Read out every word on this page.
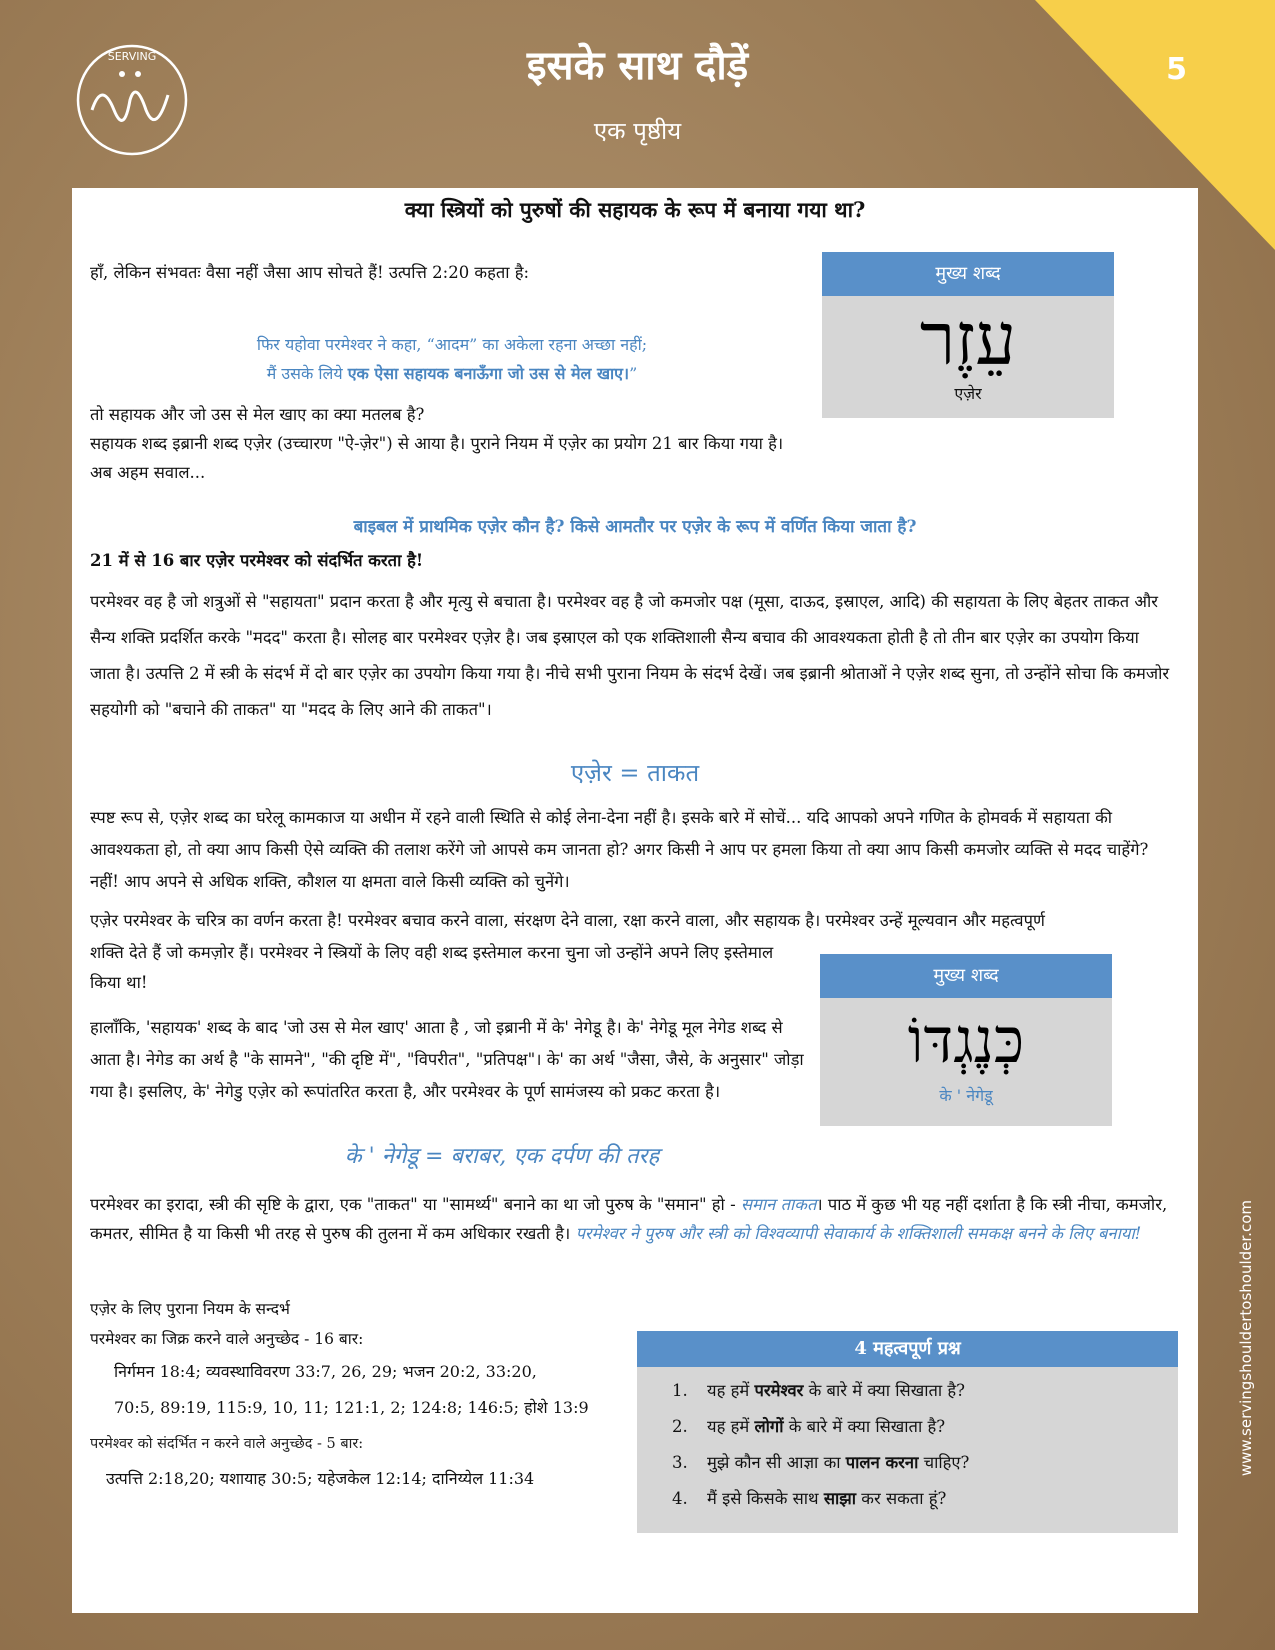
5
SERVING	इसके साथ दौड़ें
एक पृष्ठीय
क्या स्त्रियों को पुरुषों की सहायक के रूप में बनाया गया था?

हाँ, लेकिन संभवतः वैसा नहीं जैसा आप सोचते हैं! उत्पत्ति 2:20 कहता है:

फिर यहोवा परमेश्वर ने कहा, “आदम” का अकेला रहना अच्छा नहीं;
मैं उसके लिये एक ऐसा सहायक बनाऊँगा जो उस से मेल खाए।”
मुख्य शब्द
עֵזֶר
एज़ेर

तो सहायक और जो उस से मेल खाए का क्या मतलब है?

सहायक शब्द इब्रानी शब्द एज़ेर (उच्चारण "ऐ-ज़ेर") से आया है। पुराने नियम में एज़ेर का प्रयोग 21 बार किया गया है।

अब अहम सवाल...

बाइबल में प्राथमिक एज़ेर कौन है? किसे आमतौर पर एज़ेर के रूप में वर्णित किया जाता है?

21 में से 16 बार एज़ेर परमेश्वर को संदर्भित करता है!

परमेश्वर वह है जो शत्रुओं से "सहायता" प्रदान करता है और मृत्यु से बचाता है। परमेश्वर वह है जो कमजोर पक्ष (मूसा, दाऊद, इस्राएल, आदि) की सहायता के लिए बेहतर ताकत और सैन्य शक्ति प्रदर्शित करके "मदद" करता है। सोलह बार परमेश्वर एज़ेर है। जब इस्राएल को एक शक्तिशाली सैन्य बचाव की आवश्यकता होती है तो तीन बार एज़ेर का उपयोग किया जाता है। उत्पत्ति 2 में स्त्री के संदर्भ में दो बार एज़ेर का उपयोग किया गया है। नीचे सभी पुराना नियम के संदर्भ देखें। जब इब्रानी श्रोताओं ने एज़ेर शब्द सुना, तो उन्होंने सोचा कि कमजोर सहयोगी को "बचाने की ताकत" या "मदद के लिए आने की ताकत"।

एज़ेर = ताकत

स्पष्ट रूप से, एज़ेर शब्द का घरेलू कामकाज या अधीन में रहने वाली स्थिति से कोई लेना-देना नहीं है। इसके बारे में सोचें... यदि आपको अपने गणित के होमवर्क में सहायता की आवश्यकता हो, तो क्या आप किसी ऐसे व्यक्ति की तलाश करेंगे जो आपसे कम जानता हो? अगर किसी ने आप पर हमला किया तो क्या आप किसी कमजोर व्यक्ति से मदद चाहेंगे? नहीं! आप अपने से अधिक शक्ति, कौशल या क्षमता वाले किसी व्यक्ति को चुनेंगे।

एज़ेर परमेश्वर के चरित्र का वर्णन करता है! परमेश्वर बचाव करने वाला, संरक्षण देने वाला, रक्षा करने वाला, और सहायक है। परमेश्वर उन्हें मूल्यवान और महत्वपूर्ण

शक्ति देते हैं जो कमज़ोर हैं। परमेश्वर ने स्त्रियों के लिए वही शब्द इस्तेमाल करना चुना जो उन्होंने अपने लिए इस्तेमाल किया था!

हालाँकि, 'सहायक' शब्द के बाद 'जो उस से मेल खाए' आता है , जो इब्रानी में के' नेगेडू है। के' नेगेडू मूल नेगेड शब्द से आता है। नेगेड का अर्थ है "के सामने", "की दृष्टि में", "विपरीत", "प्रतिपक्ष"। के' का अर्थ "जैसा, जैसे, के अनुसार" जोड़ा गया है। इसलिए, के' नेगेडु एज़ेर को रूपांतरित करता है, और परमेश्वर के पूर्ण सामंजस्य को प्रकट करता है।

मुख्य शब्द
כְּנֶגְדּוֹ
के ' नेगेडू
के ' नेगेडू = बराबर, एक दर्पण की तरह

परमेश्वर का इरादा, स्त्री की सृष्टि के द्वारा, एक "ताकत" या "सामर्थ्य" बनाने का था जो पुरुष के "समान" हो - समान ताकत। पाठ में कुछ भी यह नहीं दर्शाता है कि स्त्री नीचा, कमजोर, कमतर, सीमित है या किसी भी तरह से पुरुष की तुलना में कम अधिकार रखती है। परमेश्वर ने पुरुष और स्त्री को विश्वव्यापी सेवाकार्य के शक्तिशाली समकक्ष बनने के लिए बनाया!

एज़ेर के लिए पुराना नियम के सन्दर्भ
परमेश्वर का जिक्र करने वाले अनुच्छेद - 16 बार:
निर्गमन 18:4; व्यवस्थाविवरण 33:7, 26, 29; भजन 20:2, 33:20,
70:5, 89:19, 115:9, 10, 11; 121:1, 2; 124:8; 146:5; होशे 13:9
परमेश्वर को संदर्भित न करने वाले अनुच्छेद - 5 बार:
उत्पत्ति 2:18,20; यशायाह 30:5; यहेजकेल 12:14; दानिय्येल 11:34
4 महत्वपूर्ण प्रश्न
1. यह हमें परमेश्वर के बारे में क्या सिखाता है?
2. यह हमें लोगों के बारे में क्या सिखाता है?
3. मुझे कौन सी आज्ञा का पालन करना चाहिए?
4. मैं इसे किसके साथ साझा कर सकता हूं?
www.servingshouldertoshoulder.com
